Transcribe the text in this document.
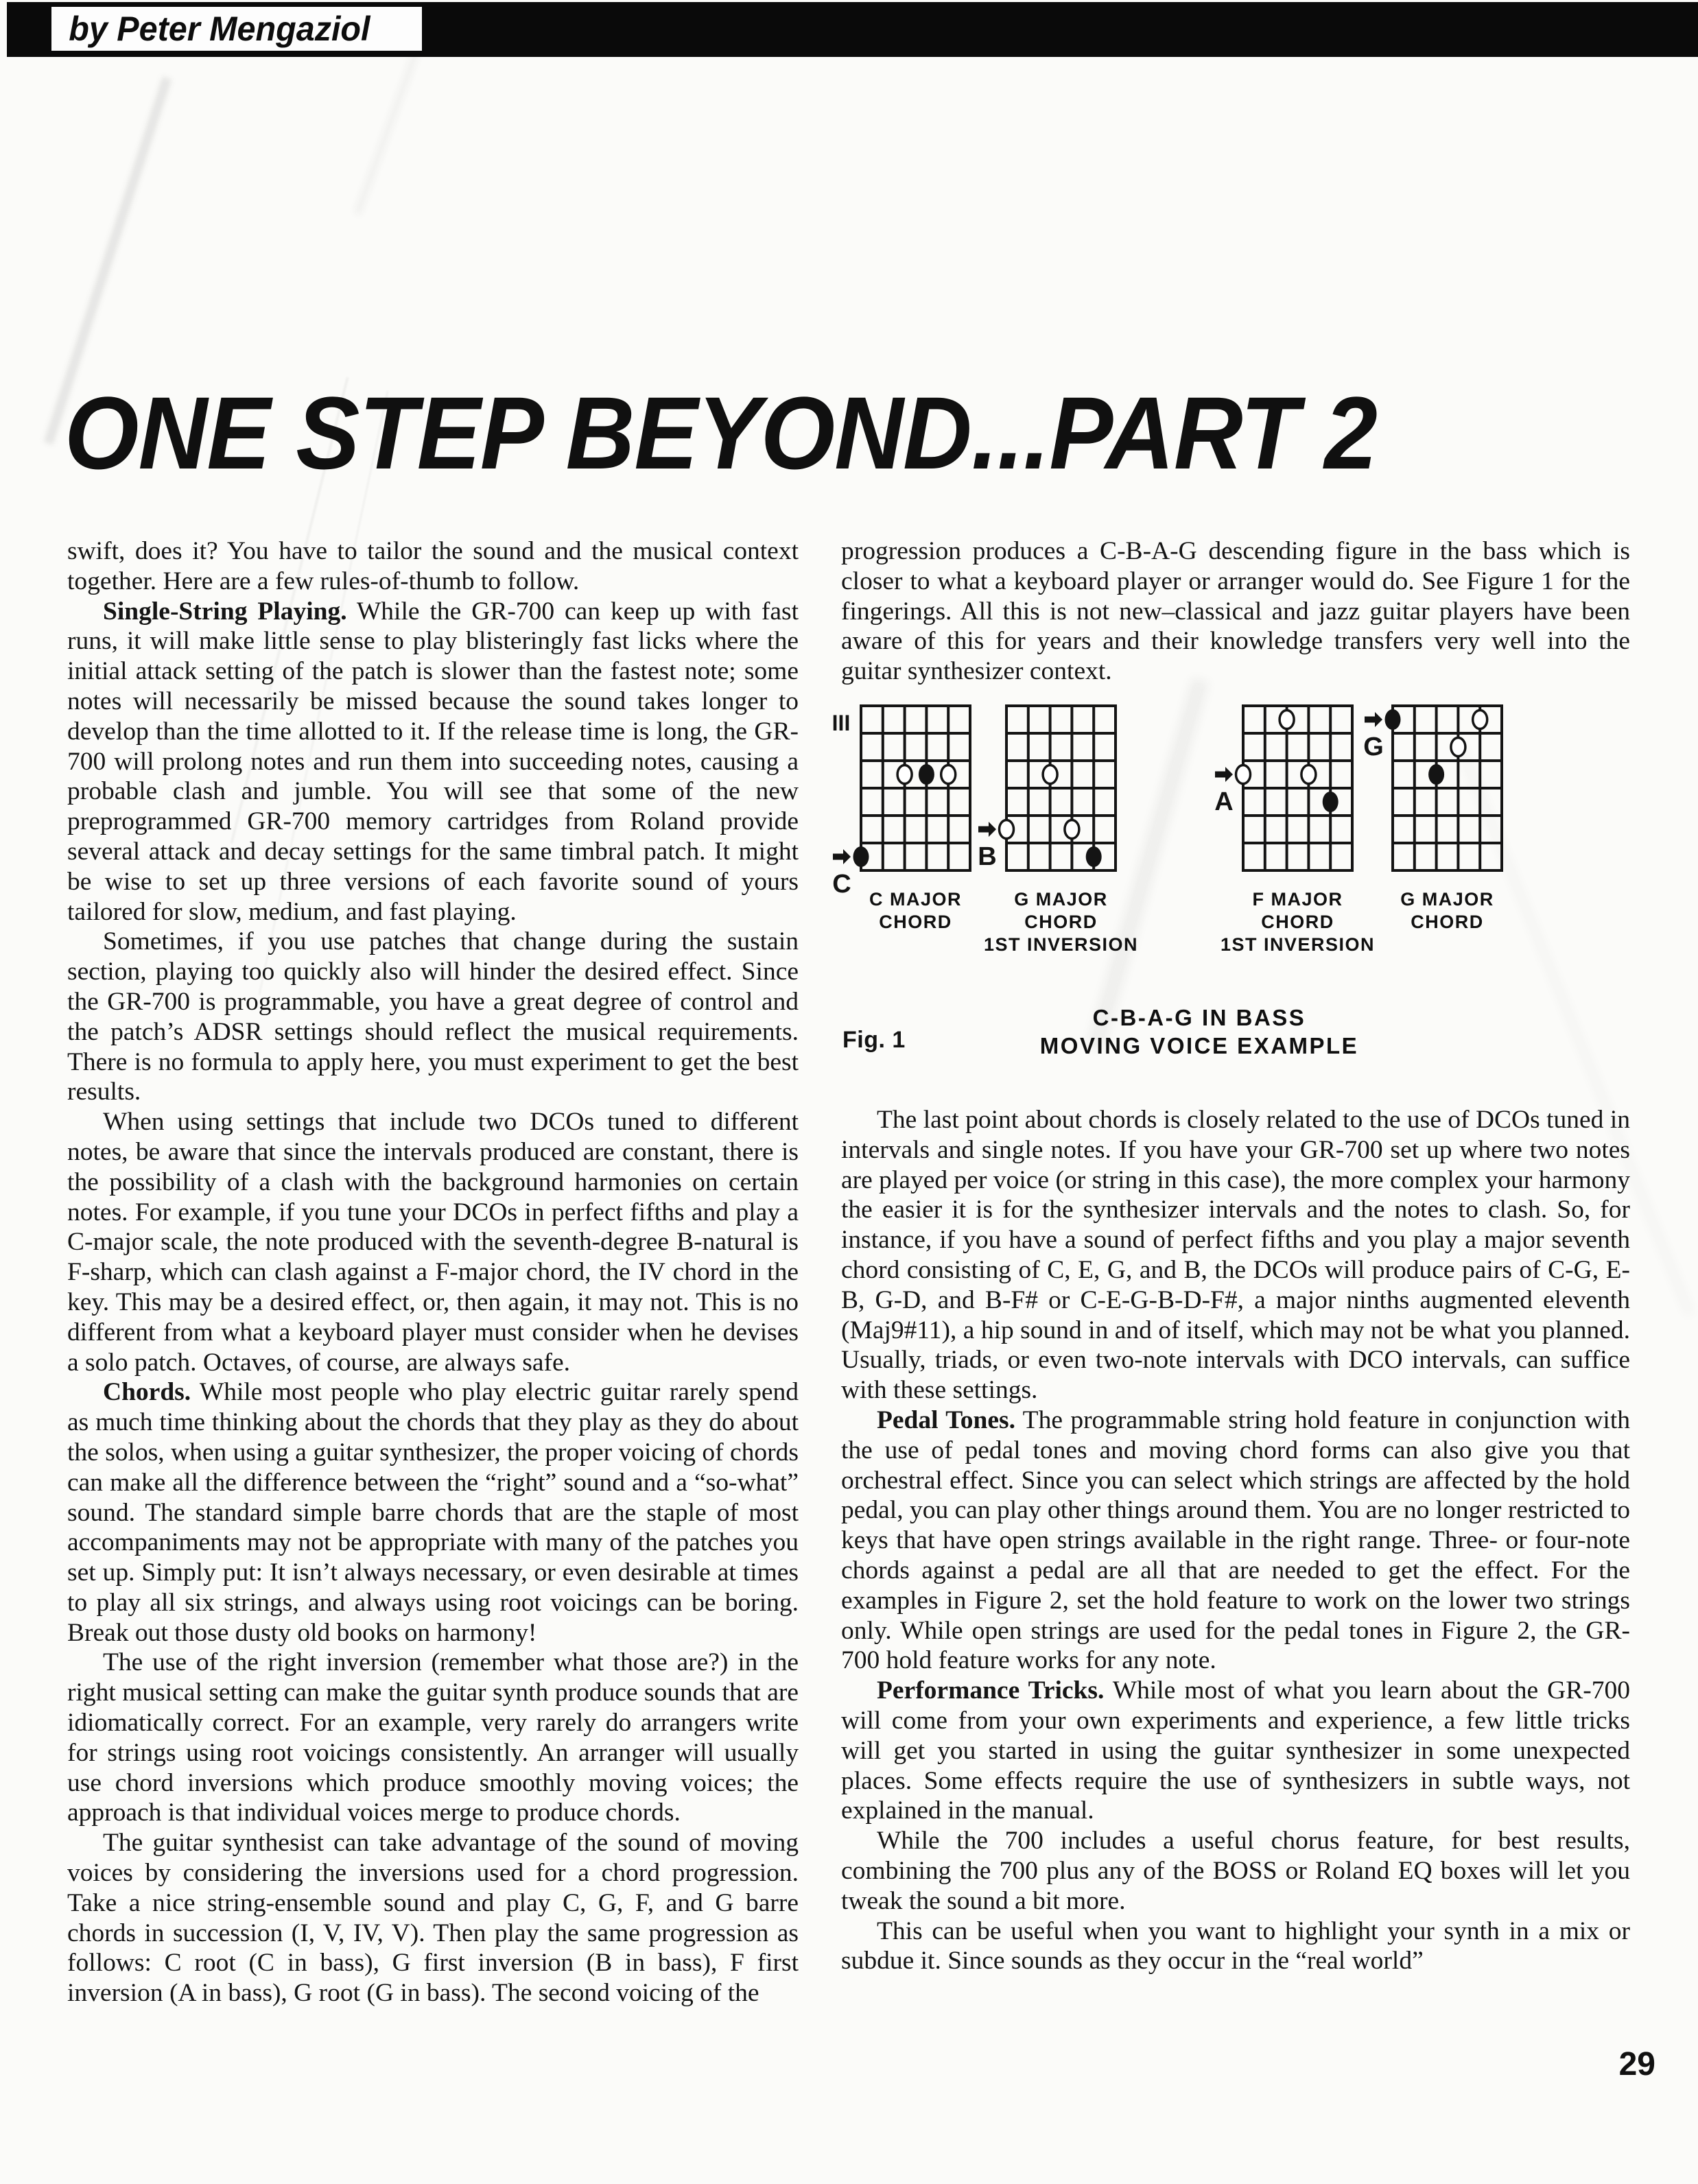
by Peter Mengaziol
ONE STEP BEYOND...PART 2

swift, does it? You have to tailor the sound and the musical context together. Here are a few rules-of-thumb to follow.

Single-String Playing. While the GR-700 can keep up with fast runs, it will make little sense to play blisteringly fast licks where the initial attack setting of the patch is slower than the fastest note; some notes will necessarily be missed because the sound takes longer to develop than the time allotted to it. If the release time is long, the GR-700 will prolong notes and run them into succeeding notes, causing a probable clash and jumble. You will see that some of the new preprogrammed GR-700 memory cartridges from Roland provide several attack and decay settings for the same timbral patch. It might be wise to set up three versions of each favorite sound of yours tailored for slow, medium, and fast playing.

Sometimes, if you use patches that change during the sustain section, playing too quickly also will hinder the desired effect. Since the GR-700 is programmable, you have a great degree of control and the patch’s ADSR settings should reflect the musical requirements. There is no formula to apply here, you must experiment to get the best results.

When using settings that include two DCOs tuned to different notes, be aware that since the intervals produced are constant, there is the possibility of a clash with the background harmonies on certain notes. For example, if you tune your DCOs in perfect fifths and play a C-major scale, the note produced with the seventh-degree B-natural is F-sharp, which can clash against a F-major chord, the IV chord in the key. This may be a desired effect, or, then again, it may not. This is no different from what a keyboard player must consider when he devises a solo patch. Octaves, of course, are always safe.

Chords. While most people who play electric guitar rarely spend as much time thinking about the chords that they play as they do about the solos, when using a guitar synthesizer, the proper voicing of chords can make all the difference between the “right” sound and a “so-what” sound. The standard simple barre chords that are the staple of most accompaniments may not be appropriate with many of the patches you set up. Simply put: It isn’t always necessary, or even desirable at times to play all six strings, and always using root voicings can be boring. Break out those dusty old books on harmony!

The use of the right inversion (remember what those are?) in the right musical setting can make the guitar synth produce sounds that are idiomatically correct. For an example, very rarely do arrangers write for strings using root voicings consistently. An arranger will usually use chord inversions which produce smoothly moving voices; the approach is that individual voices merge to produce chords.

The guitar synthesist can take advantage of the sound of moving voices by considering the inversions used for a chord progression. Take a nice string-ensemble sound and play C, G, F, and G barre chords in succession (I, V, IV, V). Then play the same progression as follows: C root (C in bass), G first inversion (B in bass), F first inversion (A in bass), G root (G in bass). The second voicing of the

progression produces a C-B-A-G descending figure in the bass which is closer to what a keyboard player or arranger would do. See Figure 1 for the fingerings. All this is not new–classical and jazz guitar players have been aware of this for years and their knowledge transfers very well into the guitar synthesizer context.

C-B-A-G IN BASS
MOVING VOICE EXAMPLE
Fig. 1
III
C
C MAJOR
CHORD
B
G MAJOR
CHORD
1ST INVERSION
A
F MAJOR
CHORD
1ST INVERSION
G
G MAJOR
CHORD

The last point about chords is closely related to the use of DCOs tuned in intervals and single notes. If you have your GR-700 set up where two notes are played per voice (or string in this case), the more complex your harmony the easier it is for the synthesizer intervals and the notes to clash. So, for instance, if you have a sound of perfect fifths and you play a major seventh chord consisting of C, E, G, and B, the DCOs will produce pairs of C-G, E-B, G-D, and B-F# or C-E-G-B-D-F#, a major ninths augmented eleventh (Maj9#11), a hip sound in and of itself, which may not be what you planned. Usually, triads, or even two-note intervals with DCO intervals, can suffice with these settings.

Pedal Tones. The programmable string hold feature in conjunction with the use of pedal tones and moving chord forms can also give you that orchestral effect. Since you can select which strings are affected by the hold pedal, you can play other things around them. You are no longer restricted to keys that have open strings available in the right range. Three- or four-note chords against a pedal are all that are needed to get the effect. For the examples in Figure 2, set the hold feature to work on the lower two strings only. While open strings are used for the pedal tones in Figure 2, the GR-700 hold feature works for any note.

Performance Tricks. While most of what you learn about the GR-700 will come from your own experiments and experience, a few little tricks will get you started in using the guitar synthesizer in some unexpected places. Some effects require the use of synthesizers in subtle ways, not explained in the manual.

While the 700 includes a useful chorus feature, for best results, combining the 700 plus any of the BOSS or Roland EQ boxes will let you tweak the sound a bit more.

This can be useful when you want to highlight your synth in a mix or subdue it. Since sounds as they occur in the “real world”

29
